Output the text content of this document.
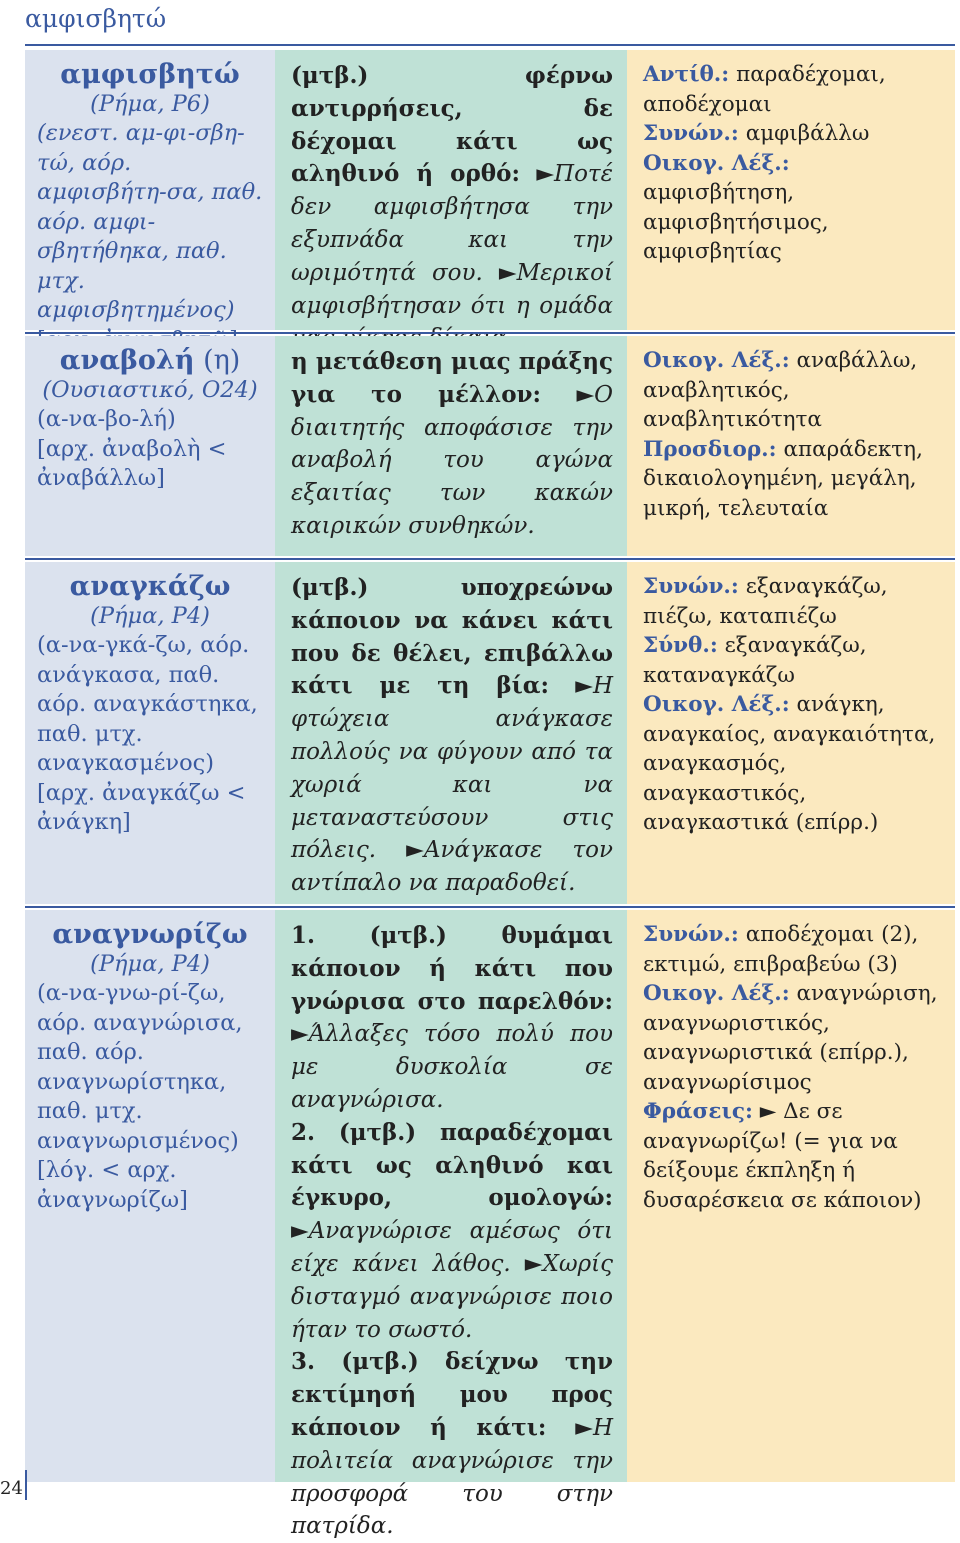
αμφισβητώ
αμφισβητώ
(Ρήμα, Ρ6)

(ενεστ. αμ-φι-σβη-τώ, αόρ. αμφισβήτη-σα, παθ. αόρ. αμφι-σβητήθηκα, παθ. μτχ. αμφισβητημένος)

(μτβ.) φέρνω αντιρρήσεις, δε δέχομαι κάτι ως αληθινό ή ορθό: ►Ποτέ δεν αμφισβήτησα την εξυπνάδα και την ωριμότητά σου. ►Μερικοί αμφισβήτησαν ότι η ομάδα

Αντίθ.: παραδέχομαι, αποδέχομαι

Συνών.: αμφιβάλλω

Οικογ. Λέξ.: αμφισβήτηση, αμφισβητήσιμος, αμφισβητίας

αναβολή (η)
(Ουσιαστικό, Ο24)

(α-να-βο-λή)

[αρχ. ἀναβολὴ < ἀναβάλλω]

η μετάθεση μιας πράξης για το μέλλον: ►Ο διαιτητής αποφάσισε την αναβολή του αγώνα εξαιτίας των κακών καιρικών συνθηκών.

Οικογ. Λέξ.: αναβάλλω, αναβλητικός, αναβλητικότητα

Προσδιορ.: απαράδεκτη, δικαιολογημένη, μεγάλη, μικρή, τελευταία

αναγκάζω
(Ρήμα, Ρ4)

(α-να-γκά-ζω, αόρ. ανάγκασα, παθ. αόρ. αναγκάστηκα, παθ. μτχ. αναγκασμένος)

[αρχ. ἀναγκάζω < ἀνάγκη]

(μτβ.) υποχρεώνω κάποιον να κάνει κάτι που δε θέλει, επιβάλλω κάτι με τη βία: ►Η φτώχεια ανάγκασε πολλούς να φύγουν από τα χωριά και να μεταναστεύσουν στις πόλεις. ►Ανάγκασε τον αντίπαλο να παραδοθεί.

Συνών.: εξαναγκάζω, πιέζω, καταπιέζω

Σύνθ.: εξαναγκάζω, καταναγκάζω

Οικογ. Λέξ.: ανάγκη, αναγκαίος, αναγκαιότητα, αναγκασμός, αναγκαστικός, αναγκαστικά (επίρρ.)

αναγνωρίζω
(Ρήμα, Ρ4)

(α-να-γνω-ρί-ζω, αόρ. αναγνώρισα, παθ. αόρ. αναγνωρίστηκα, παθ. μτχ. αναγνωρισμένος)

[λόγ. < αρχ. ἀναγνωρίζω]

1. (μτβ.) θυμάμαι κάποιον ή κάτι που γνώρισα στο παρελθόν: ►Άλλαξες τόσο πολύ που με δυσκολία σε αναγνώρισα.

2. (μτβ.) παραδέχομαι κάτι ως αληθινό και έγκυρο, ομολογώ: ►Αναγνώρισε αμέσως ότι είχε κάνει λάθος. ►Χωρίς δισταγμό αναγνώρισε ποιο ήταν το σωστό.

3. (μτβ.) δείχνω την εκτίμησή μου προς κάποιον ή κάτι: ►Η πολιτεία αναγνώρισε την προσφορά του στην πατρίδα.

Συνών.: αποδέχομαι (2), εκτιμώ, επιβραβεύω (3)

Οικογ. Λέξ.: αναγνώριση, αναγνωριστικός, αναγνωριστικά (επίρρ.), αναγνωρίσιμος

Φράσεις: ► Δε σε αναγνωρίζω! (= για να δείξουμε έκπληξη ή δυσαρέσκεια σε κάποιον)

24
